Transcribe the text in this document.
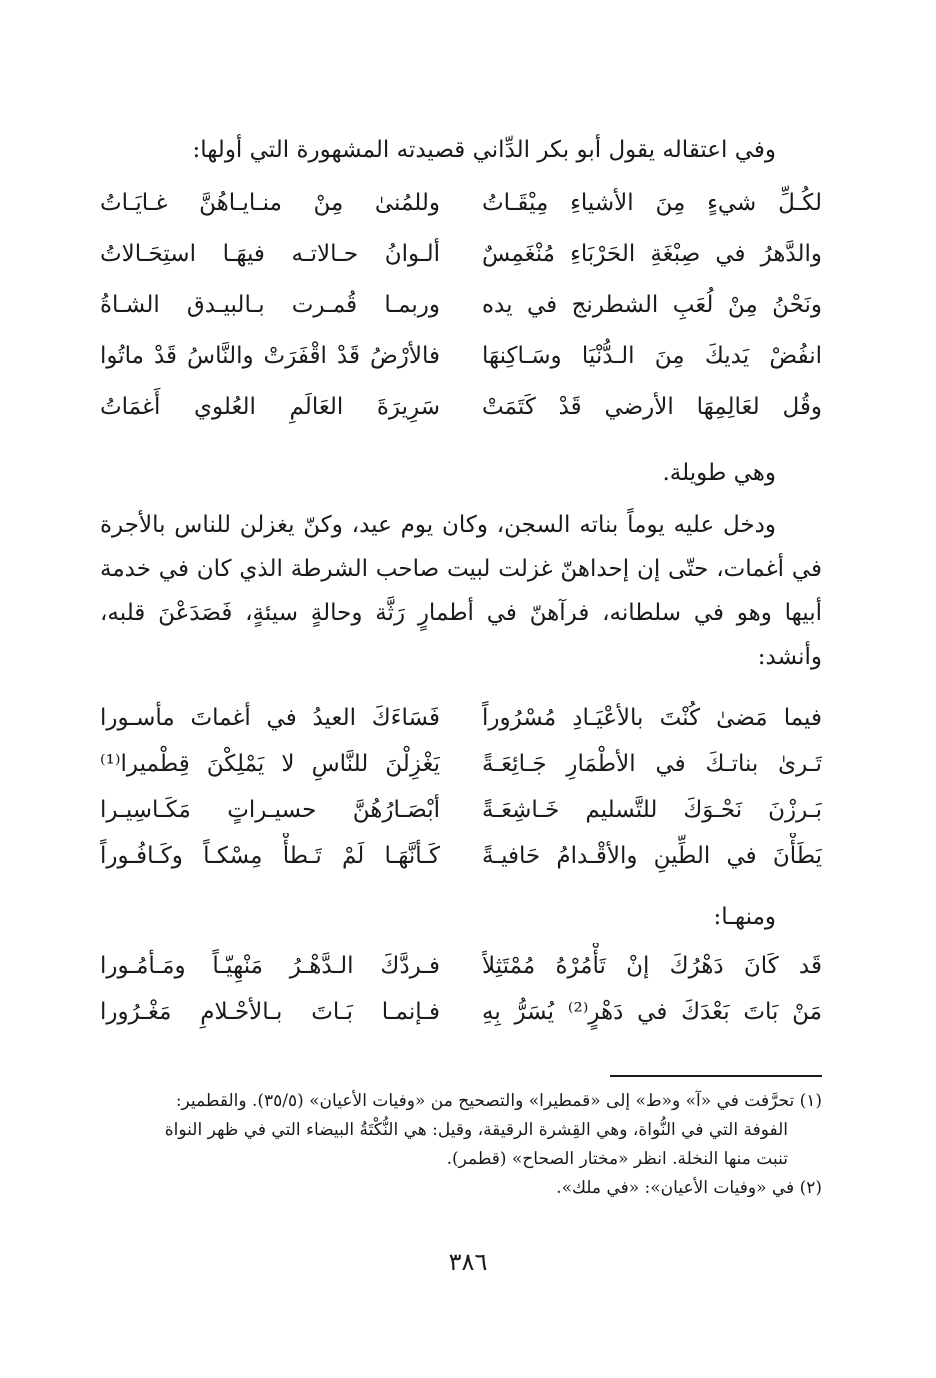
وفي اعتقاله يقول أبو بكر الدِّاني قصيدته المشهورة التي أولها:

لكُـلِّ شيءٍ مِنَ الأشياءِ مِيْقَـاتُ
وللمُنىٰ مِنْ منـايـاهُنَّ غـايَـاتُ
والدَّهرُ في صِبْغَةِ الحَرْبَاءِ مُنْغَمِسٌ
ألـوانُ حـالاتـه فيهَـا استِحَـالاتُ
ونَحْنُ مِنْ لُعَبِ الشطرنج في يده
وربمـا قُمـرت بـالبيـدق الشـاةُ
انفُضْ يَديكَ مِنَ الـدُّنْيَا وسَـاكِنهَا
فالأرْضُ قَدْ اقْفَرَتْ والنَّاسُ قَدْ ماتُوا
وقُل لعَالِمِهَا الأرضي قَدْ كَتَمَتْ
سَرِيرَةَ العَالَمِ العُلوي أَغمَاتُ

وهي طويلة.

ودخل عليه يوماً بناته السجن، وكان يوم عيد، وكنّ يغزلن للناس بالأجرة في أغمات، حتّى إن إحداهنّ غزلت لبيت صاحب الشرطة الذي كان في خدمة أبيها وهو في سلطانه، فرآهنّ في أطمارٍ رَثَّة وحالةٍ سيئةٍ، فَصَدَعْنَ قلبه، وأنشد:

فيما مَضىٰ كُنْتَ بالأعْيَـادِ مُسْرُوراً
فَسَاءَكَ العيدُ في أغماتَ مأسـورا
تَـرىٰ بناتـكَ في الأطْمَارِ جَـائِعَـةً
يَغْزِلْنَ للنَّاسِ لا يَمْلِكْنَ قِطْميرا⁽¹⁾
بَـرزْنَ نَحْـوَكَ للتَّسليم خَـاشِعَـةً
أبْصَـارُهُنَّ حسيـراتٍ مَكَـاسِيـرا
يَطَأْنَ في الطِّينِ والأقْـدامُ حَافيـةً
كَـأنَّهَـا لَمْ تَـطأْ مِسْكـاً وكَـافُـوراً

ومنهـا:

قَد كَانَ دَهْرُكَ إنْ تَأْمُرْهُ مُمْتَثِلاً
فـردَّكَ الـدَّهْـرُ مَنْهِيّـاً ومَـأمُـورا
مَنْ بَاتَ بَعْدَكَ في دَهْرٍ⁽²⁾ يُسَرُّ بِهِ
فـإنمـا بَـاتَ بـالأحْـلامِ مَغْـرُورا

(١) تحرَّفت في «آ» و«ط» إلى «قمطيرا» والتصحيح من «وفيات الأعيان» (٣٥/٥). والقطمير:

الفوفة التي في النُّواة، وهي القِشرة الرقيقة، وقيل: هي النُّكْتَةُ البيضاء التي في ظهر النواة

تنبت منها النخلة. انظر «مختار الصحاح» (قطمر).

(٢) في «وفيات الأعيان»: «في ملك».

٣٨٦
